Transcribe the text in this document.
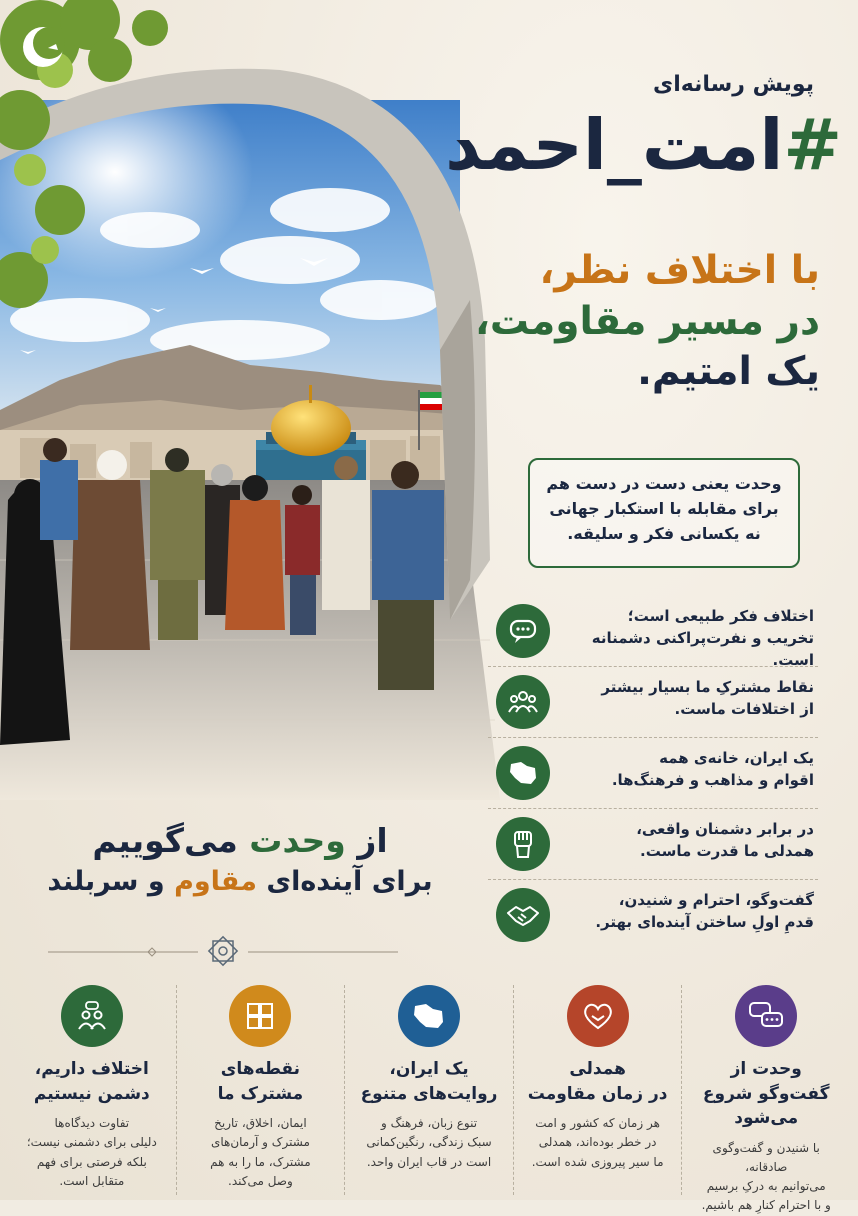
پویش رسانه‌ای
#امت_احمد
با اختلاف نظر،
در مسیر مقاومت،
یک امتیم.
وحدت یعنی دست در دست هم
برای مقابله با استکبار جهانی
نه یکسانی فکر و سلیقه.
اختلاف فکر طبیعی است؛
تخریب و نفرت‌پراکنی دشمنانه است.
نقاط مشترکِ ما بسیار بیشتر
از اختلافات ماست.
یک ایران، خانه‌ی همه
اقوام و مذاهب و فرهنگ‌ها.
در برابر دشمنان واقعی،
همدلی ما قدرت ماست.
گفت‌وگو، احترام و شنیدن،
قدمِ اولِ ساختن آینده‌ای بهتر.
از وحدت می‌گوییم
برای آینده‌ای مقاوم و سربلند
وحدت از
گفت‌وگو شروع می‌شود
با شنیدن و گفت‌وگوی صادقانه،
می‌توانیم به درکِ برسیم
و با احترام کنارِ هم باشیم.
همدلی
در زمان مقاومت
هر زمان که کشور و امت
در خطر بوده‌اند، همدلی
ما سیر پیروزی شده است.
یک ایران،
روایت‌های متنوع
تنوع زبان، فرهنگ و
سبک زندگی، رنگین‌کمانی
است در قاب ایران واحد.
نقطه‌های
مشترک ما
ایمان، اخلاق، تاریخ
مشترک و آرمان‌های
مشترک، ما را به هم
وصل می‌کند.
اختلاف داریم،
دشمن نیستیم
تفاوت دیدگاه‌ها
دلیلی برای دشمنی نیست؛
بلکه فرصتی برای فهم
متقابل است.
